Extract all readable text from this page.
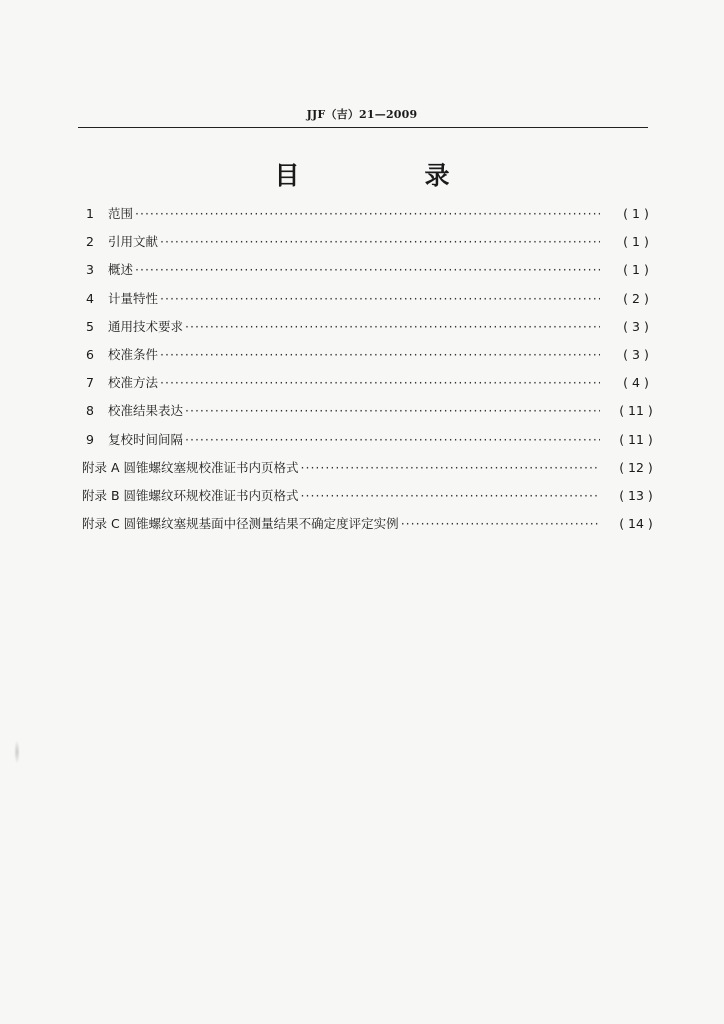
JJF（吉）21—2009
目　录
1	范围 ·····	( 1 )
2	引用文献 ·····	( 1 )
3	概述 ·····	( 1 )
4	计量特性 ·····	( 2 )
5	通用技术要求 ·····	( 3 )
6	校准条件 ·····	( 3 )
7	校准方法 ·····	( 4 )
8	校准结果表达 ·····	( 11 )
9	复校时间间隔 ·····	( 11 )
附录 A 圆锥螺纹塞规校准证书内页格式 ·····	( 12 )
附录 B 圆锥螺纹环规校准证书内页格式 ·····	( 13 )
附录 C 圆锥螺纹塞规基面中径测量结果不确定度评定实例 ·····	( 14 )
